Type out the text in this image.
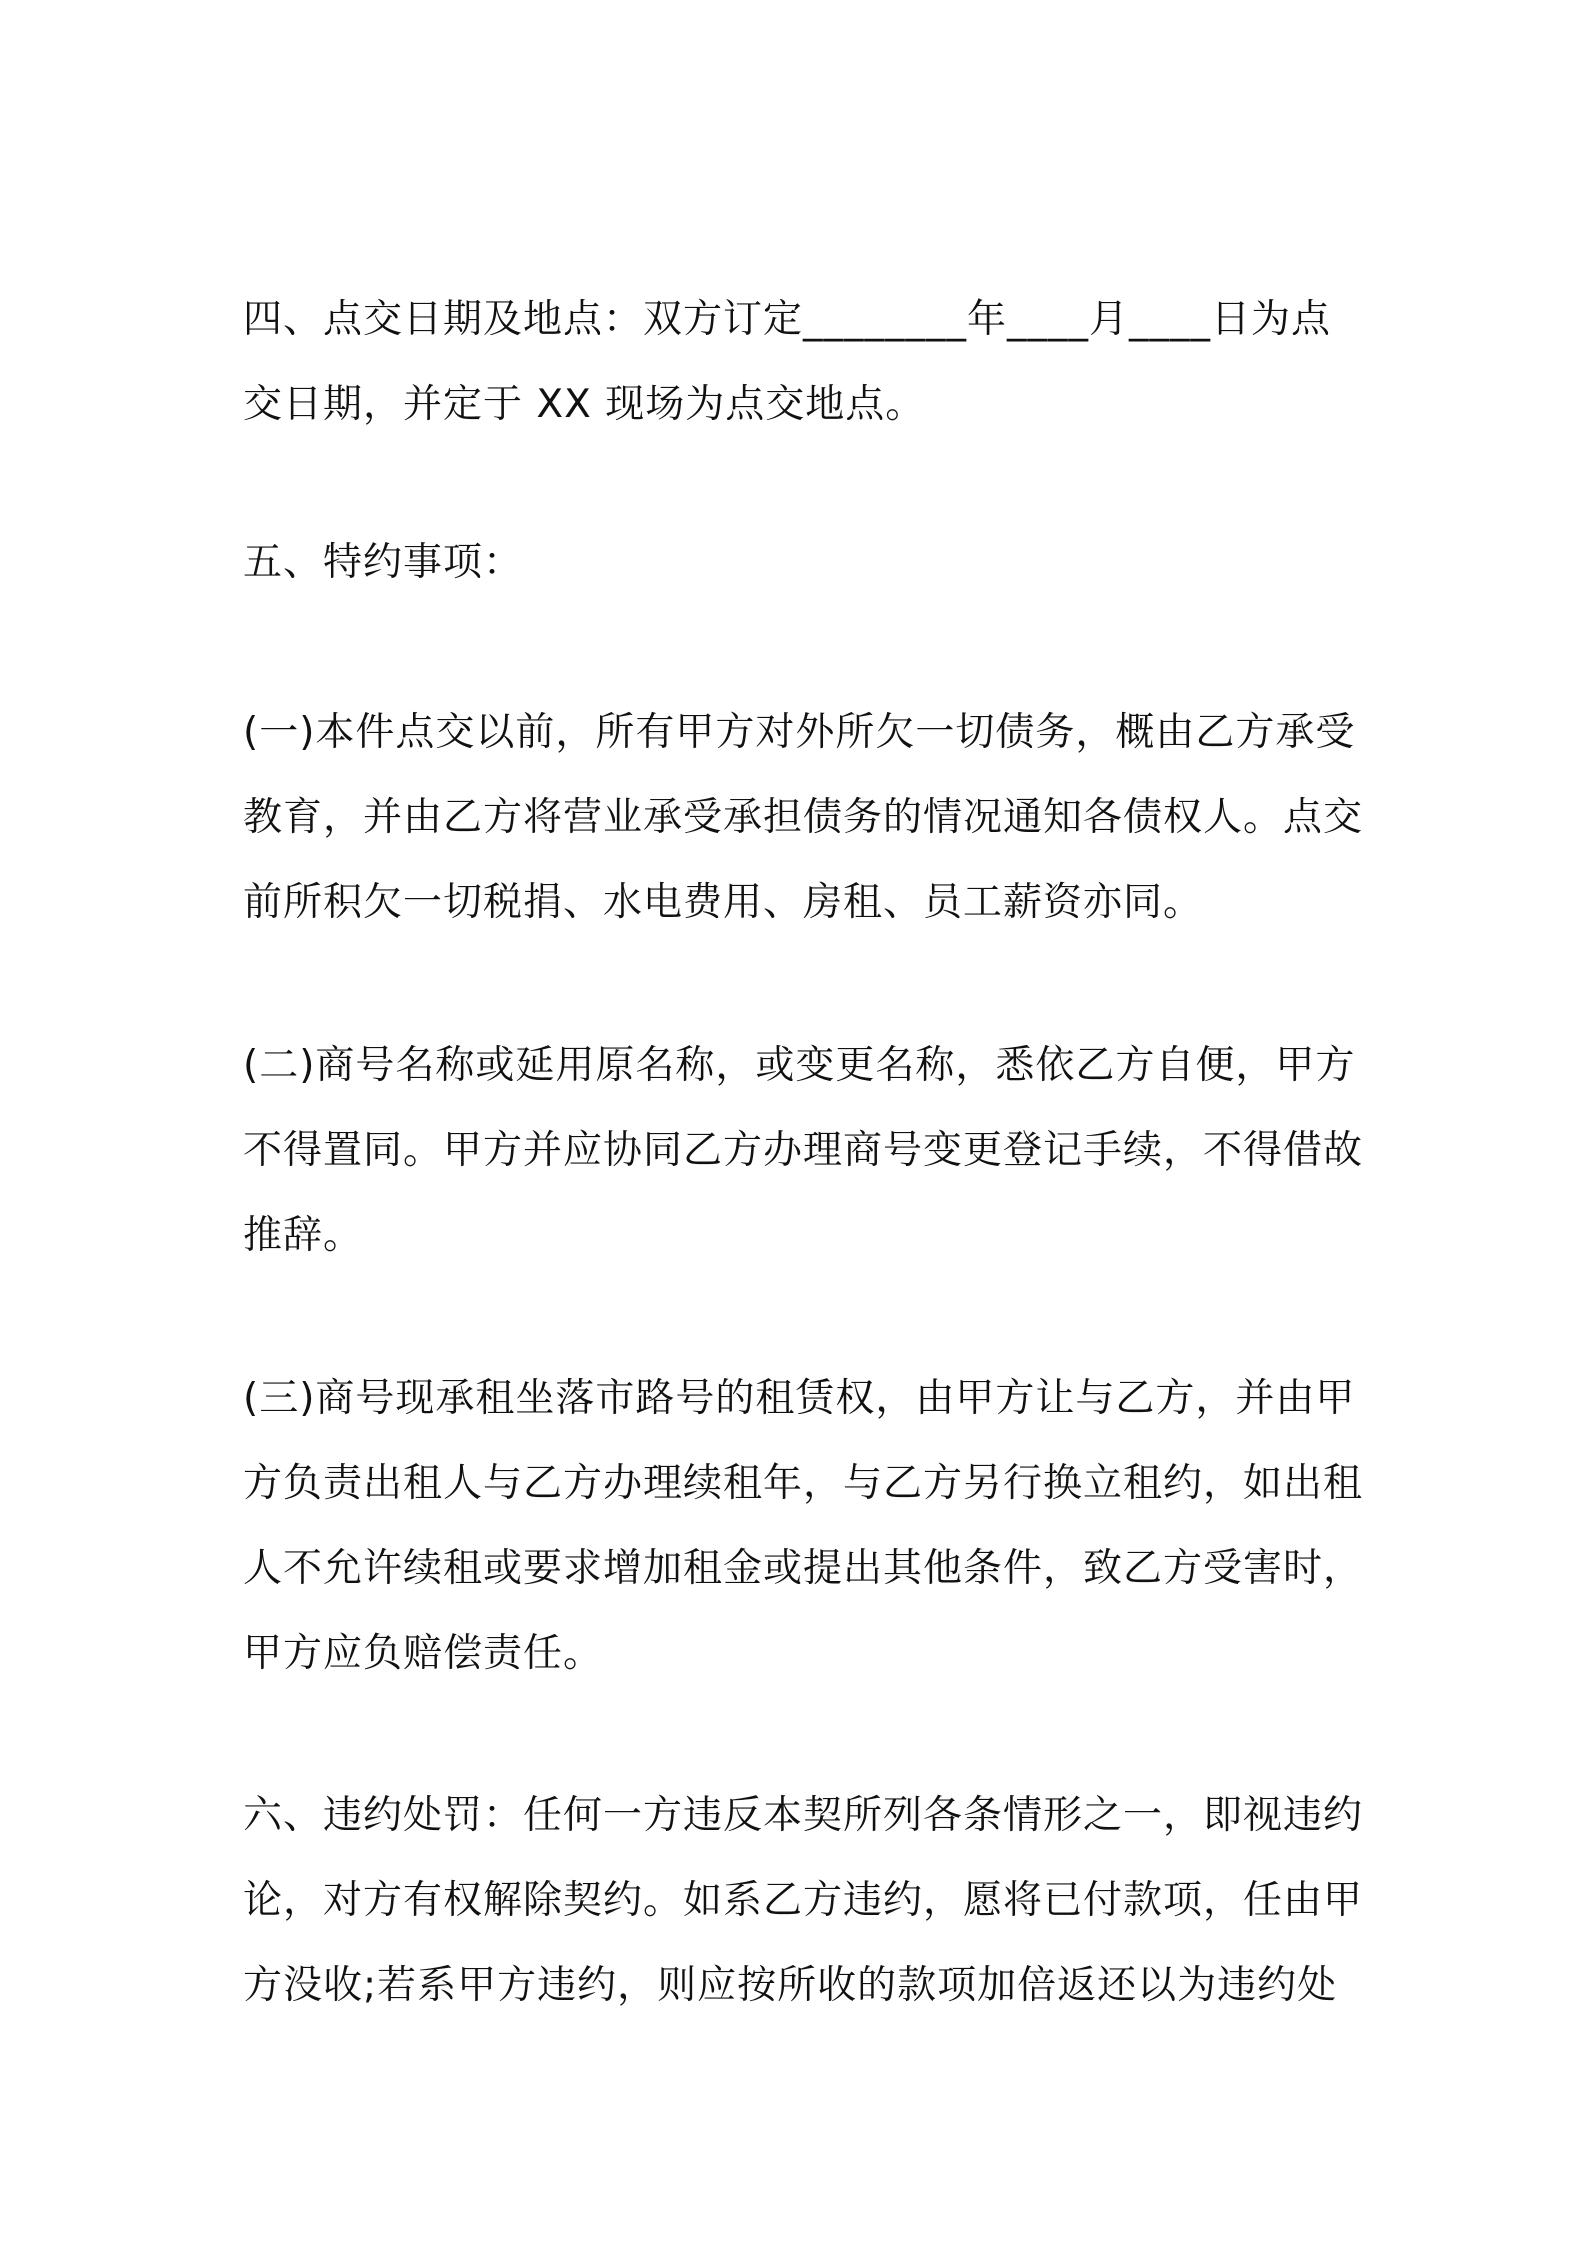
四、点交日期及地点：双方订定________年____月____日为点
交日期，并定于 XX 现场为点交地点。

五、特约事项：

(一)本件点交以前，所有甲方对外所欠一切债务，概由乙方承受
教育，并由乙方将营业承受承担债务的情况通知各债权人。点交
前所积欠一切税捐、水电费用、房租、员工薪资亦同。

(二)商号名称或延用原名称，或变更名称，悉依乙方自便，甲方
不得置同。甲方并应协同乙方办理商号变更登记手续，不得借故
推辞。

(三)商号现承租坐落市路号的租赁权，由甲方让与乙方，并由甲
方负责出租人与乙方办理续租年，与乙方另行换立租约，如出租
人不允许续租或要求增加租金或提出其他条件，致乙方受害时，
甲方应负赔偿责任。

六、违约处罚：任何一方违反本契所列各条情形之一，即视违约
论，对方有权解除契约。如系乙方违约，愿将已付款项，任由甲
方没收;若系甲方违约，则应按所收的款项加倍返还以为违约处
